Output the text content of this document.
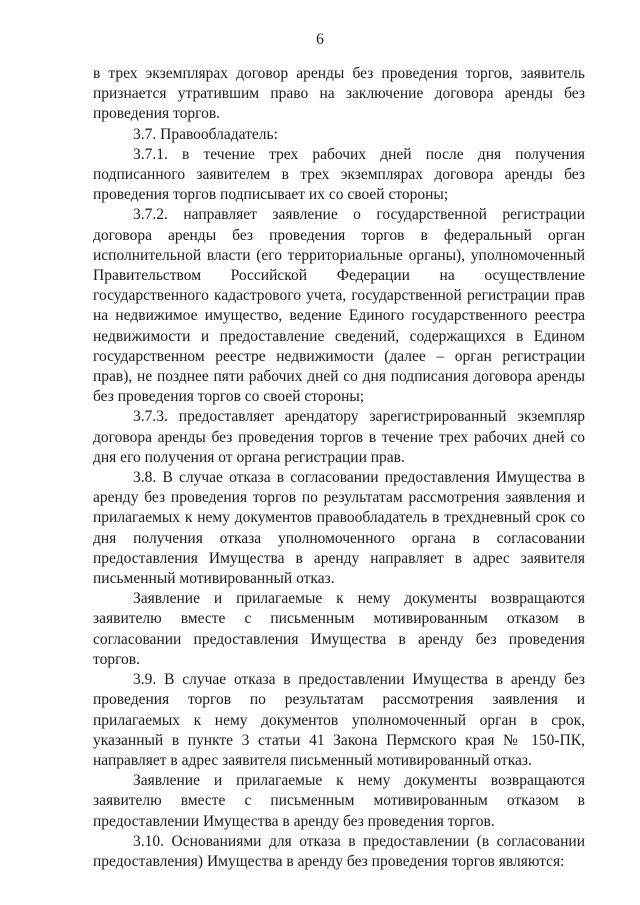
6

в трех экземплярах договор аренды без проведения торгов, заявитель признается утратившим право на заключение договора аренды без проведения торгов.

3.7. Правообладатель:

3.7.1. в течение трех рабочих дней после дня получения подписанного заявителем в трех экземплярах договора аренды без проведения торгов подписывает их со своей стороны;

3.7.2. направляет заявление о государственной регистрации договора аренды без проведения торгов в федеральный орган исполнительной власти (его территориальные органы), уполномоченный Правительством Российской Федерации на осуществление государственного кадастрового учета, государственной регистрации прав на недвижимое имущество, ведение Единого государственного реестра недвижимости и предоставление сведений, содержащихся в Едином государственном реестре недвижимости (далее – орган регистрации прав), не позднее пяти рабочих дней со дня подписания договора аренды без проведения торгов со своей стороны;

3.7.3. предоставляет арендатору зарегистрированный экземпляр договора аренды без проведения торгов в течение трех рабочих дней со дня его получения от органа регистрации прав.

3.8. В случае отказа в согласовании предоставления Имущества в аренду без проведения торгов по результатам рассмотрения заявления и прилагаемых к нему документов правообладатель в трехдневный срок со дня получения отказа уполномоченного органа в согласовании предоставления Имущества в аренду направляет в адрес заявителя письменный мотивированный отказ.

Заявление и прилагаемые к нему документы возвращаются заявителю вместе с письменным мотивированным отказом в согласовании предоставления Имущества в аренду без проведения торгов.

3.9. В случае отказа в предоставлении Имущества в аренду без проведения торгов по результатам рассмотрения заявления и прилагаемых к нему документов уполномоченный орган в срок, указанный в пункте 3 статьи 41 Закона Пермского края № 150-ПК, направляет в адрес заявителя письменный мотивированный отказ.

Заявление и прилагаемые к нему документы возвращаются заявителю вместе с письменным мотивированным отказом в предоставлении Имущества в аренду без проведения торгов.

3.10. Основаниями для отказа в предоставлении (в согласовании предоставления) Имущества в аренду без проведения торгов являются:
